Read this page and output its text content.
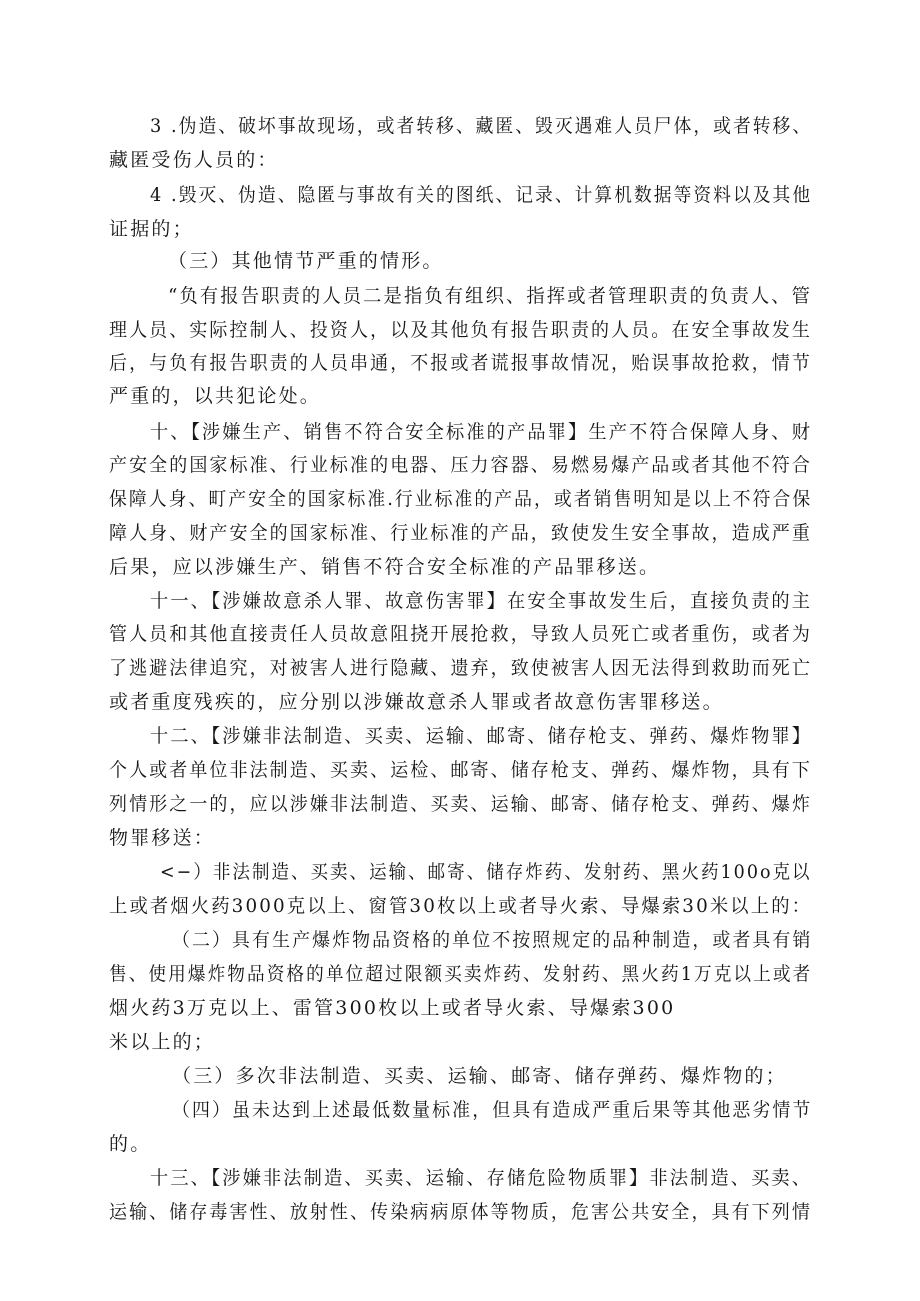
3 .伪造、破坏事故现场，或者转移、藏匿、毁灭遇难人员尸体，或者转移、
藏匿受伤人员的：
4 .毁灭、伪造、隐匿与事故有关的图纸、记录、计算机数据等资料以及其他
证据的；
（三）其他情节严重的情形。
“负有报告职责的人员二是指负有组织、指挥或者管理职责的负责人、管
理人员、实际控制人、投资人，以及其他负有报告职责的人员。在安全事故发生
后，与负有报告职责的人员串通，不报或者谎报事故情况，贻误事故抢救，情节
严重的，以共犯论处。
十、【涉嫌生产、销售不符合安全标准的产品罪】生产不符合保障人身、财
产安全的国家标准、行业标准的电器、压力容器、易燃易爆产品或者其他不符合
保障人身、町产安全的国家标准.行业标准的产品，或者销售明知是以上不符合保
障人身、财产安全的国家标准、行业标准的产品，致使发生安全事故，造成严重
后果，应以涉嫌生产、销售不符合安全标准的产品罪移送。
十一、【涉嫌故意杀人罪、故意伤害罪】在安全事故发生后，直接负责的主
管人员和其他直接责任人员故意阻挠开展抢救，导致人员死亡或者重伤，或者为
了逃避法律追究，对被害人进行隐藏、遗弃，致使被害人因无法得到救助而死亡
或者重度残疾的，应分别以涉嫌故意杀人罪或者故意伤害罪移送。
十二、【涉嫌非法制造、买卖、运输、邮寄、储存枪支、弹药、爆炸物罪】
个人或者单位非法制造、买卖、运检、邮寄、储存枪支、弹药、爆炸物，具有下
列情形之一的，应以涉嫌非法制造、买卖、运输、邮寄、储存枪支、弹药、爆炸
物罪移送：
<−）非法制造、买卖、运输、邮寄、储存炸药、发射药、黑火药100o克以
上或者烟火药3000克以上、窗管30枚以上或者导火索、导爆索30米以上的：
（二）具有生产爆炸物品资格的单位不按照规定的品种制造，或者具有销
售、使用爆炸物品资格的单位超过限额买卖炸药、发射药、黑火药1万克以上或者
烟火药3万克以上、雷管300枚以上或者导火索、导爆索300
米以上的；
（三）多次非法制造、买卖、运输、邮寄、储存弹药、爆炸物的；
（四）虽未达到上述最低数量标准，但具有造成严重后果等其他恶劣情节
的。
十三、【涉嫌非法制造、买卖、运输、存储危险物质罪】非法制造、买卖、
运输、储存毒害性、放射性、传染病病原体等物质，危害公共安全，具有下列情
